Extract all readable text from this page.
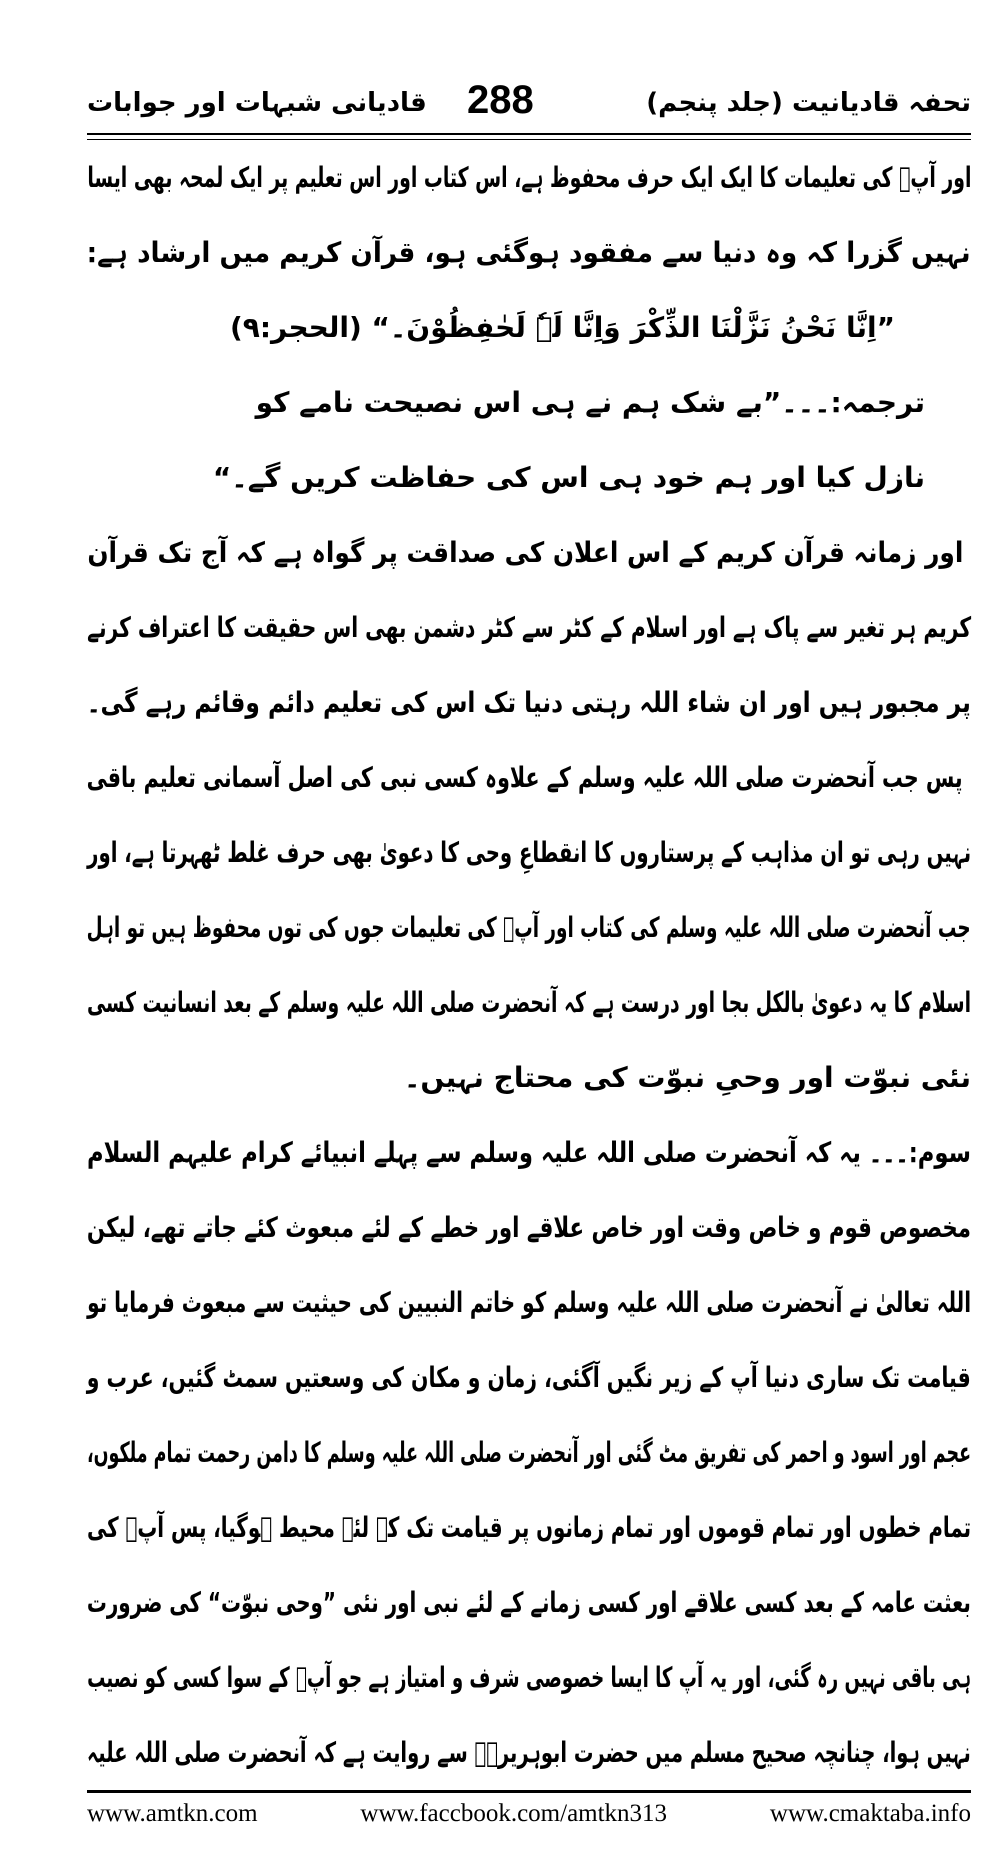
تحفہ قادیانیت (جلد پنجم)
288
قادیانی شبہات اور جوابات
اور آپؐ کی تعلیمات کا ایک ایک حرف محفوظ ہے، اس کتاب اور اس تعلیم پر ایک لمحہ بھی ایسا
نہیں گزرا کہ وہ دنیا سے مفقود ہوگئی ہو، قرآن کریم میں ارشاد ہے:
”اِنَّا نَحْنُ نَزَّلْنَا الذِّکْرَ وَاِنَّا لَہٗ لَحٰفِظُوْنَ۔“ (الحجر:۹)
ترجمہ:۔۔۔”بے شک ہم نے ہی اس نصیحت نامے کو
نازل کیا اور ہم خود ہی اس کی حفاظت کریں گے۔“
اور زمانہ قرآن کریم کے اس اعلان کی صداقت پر گواہ ہے کہ آج تک قرآن
کریم ہر تغیر سے پاک ہے اور اسلام کے کٹر سے کٹر دشمن بھی اس حقیقت کا اعتراف کرنے
پر مجبور ہیں اور ان شاء اللہ رہتی دنیا تک اس کی تعلیم دائم وقائم رہے گی۔
پس جب آنحضرت صلی اللہ علیہ وسلم کے علاوہ کسی نبی کی اصل آسمانی تعلیم باقی
نہیں رہی تو ان مذاہب کے پرستاروں کا انقطاعِ وحی کا دعویٰ بھی حرف غلط ٹھہرتا ہے، اور
جب آنحضرت صلی اللہ علیہ وسلم کی کتاب اور آپؐ کی تعلیمات جوں کی توں محفوظ ہیں تو اہل
اسلام کا یہ دعویٰ بالکل بجا اور درست ہے کہ آنحضرت صلی اللہ علیہ وسلم کے بعد انسانیت کسی
نئی نبوّت اور وحیِ نبوّت کی محتاج نہیں۔
سوم:۔۔۔ یہ کہ آنحضرت صلی اللہ علیہ وسلم سے پہلے انبیائے کرام علیہم السلام
مخصوص قوم و خاص وقت اور خاص علاقے اور خطے کے لئے مبعوث کئے جاتے تھے، لیکن
اللہ تعالیٰ نے آنحضرت صلی اللہ علیہ وسلم کو خاتم النبیین کی حیثیت سے مبعوث فرمایا تو
قیامت تک ساری دنیا آپ کے زیر نگیں آگئی، زمان و مکان کی وسعتیں سمٹ گئیں، عرب و
عجم اور اسود و احمر کی تفریق مٹ گئی اور آنحضرت صلی اللہ علیہ وسلم کا دامن رحمت تمام ملکوں،
تمام خطوں اور تمام قوموں اور تمام زمانوں پر قیامت تک کے لئے محیط ہوگیا، پس آپؐ کی
بعثت عامہ کے بعد کسی علاقے اور کسی زمانے کے لئے نبی اور نئی ”وحی نبوّت“ کی ضرورت
ہی باقی نہیں رہ گئی، اور یہ آپ کا ایسا خصوصی شرف و امتیاز ہے جو آپؐ کے سوا کسی کو نصیب
نہیں ہوا، چنانچہ صحیح مسلم میں حضرت ابوہریرہؓ سے روایت ہے کہ آنحضرت صلی اللہ علیہ
www.amtkn.com	www.faccbook.com/amtkn313	www.cmaktaba.info
